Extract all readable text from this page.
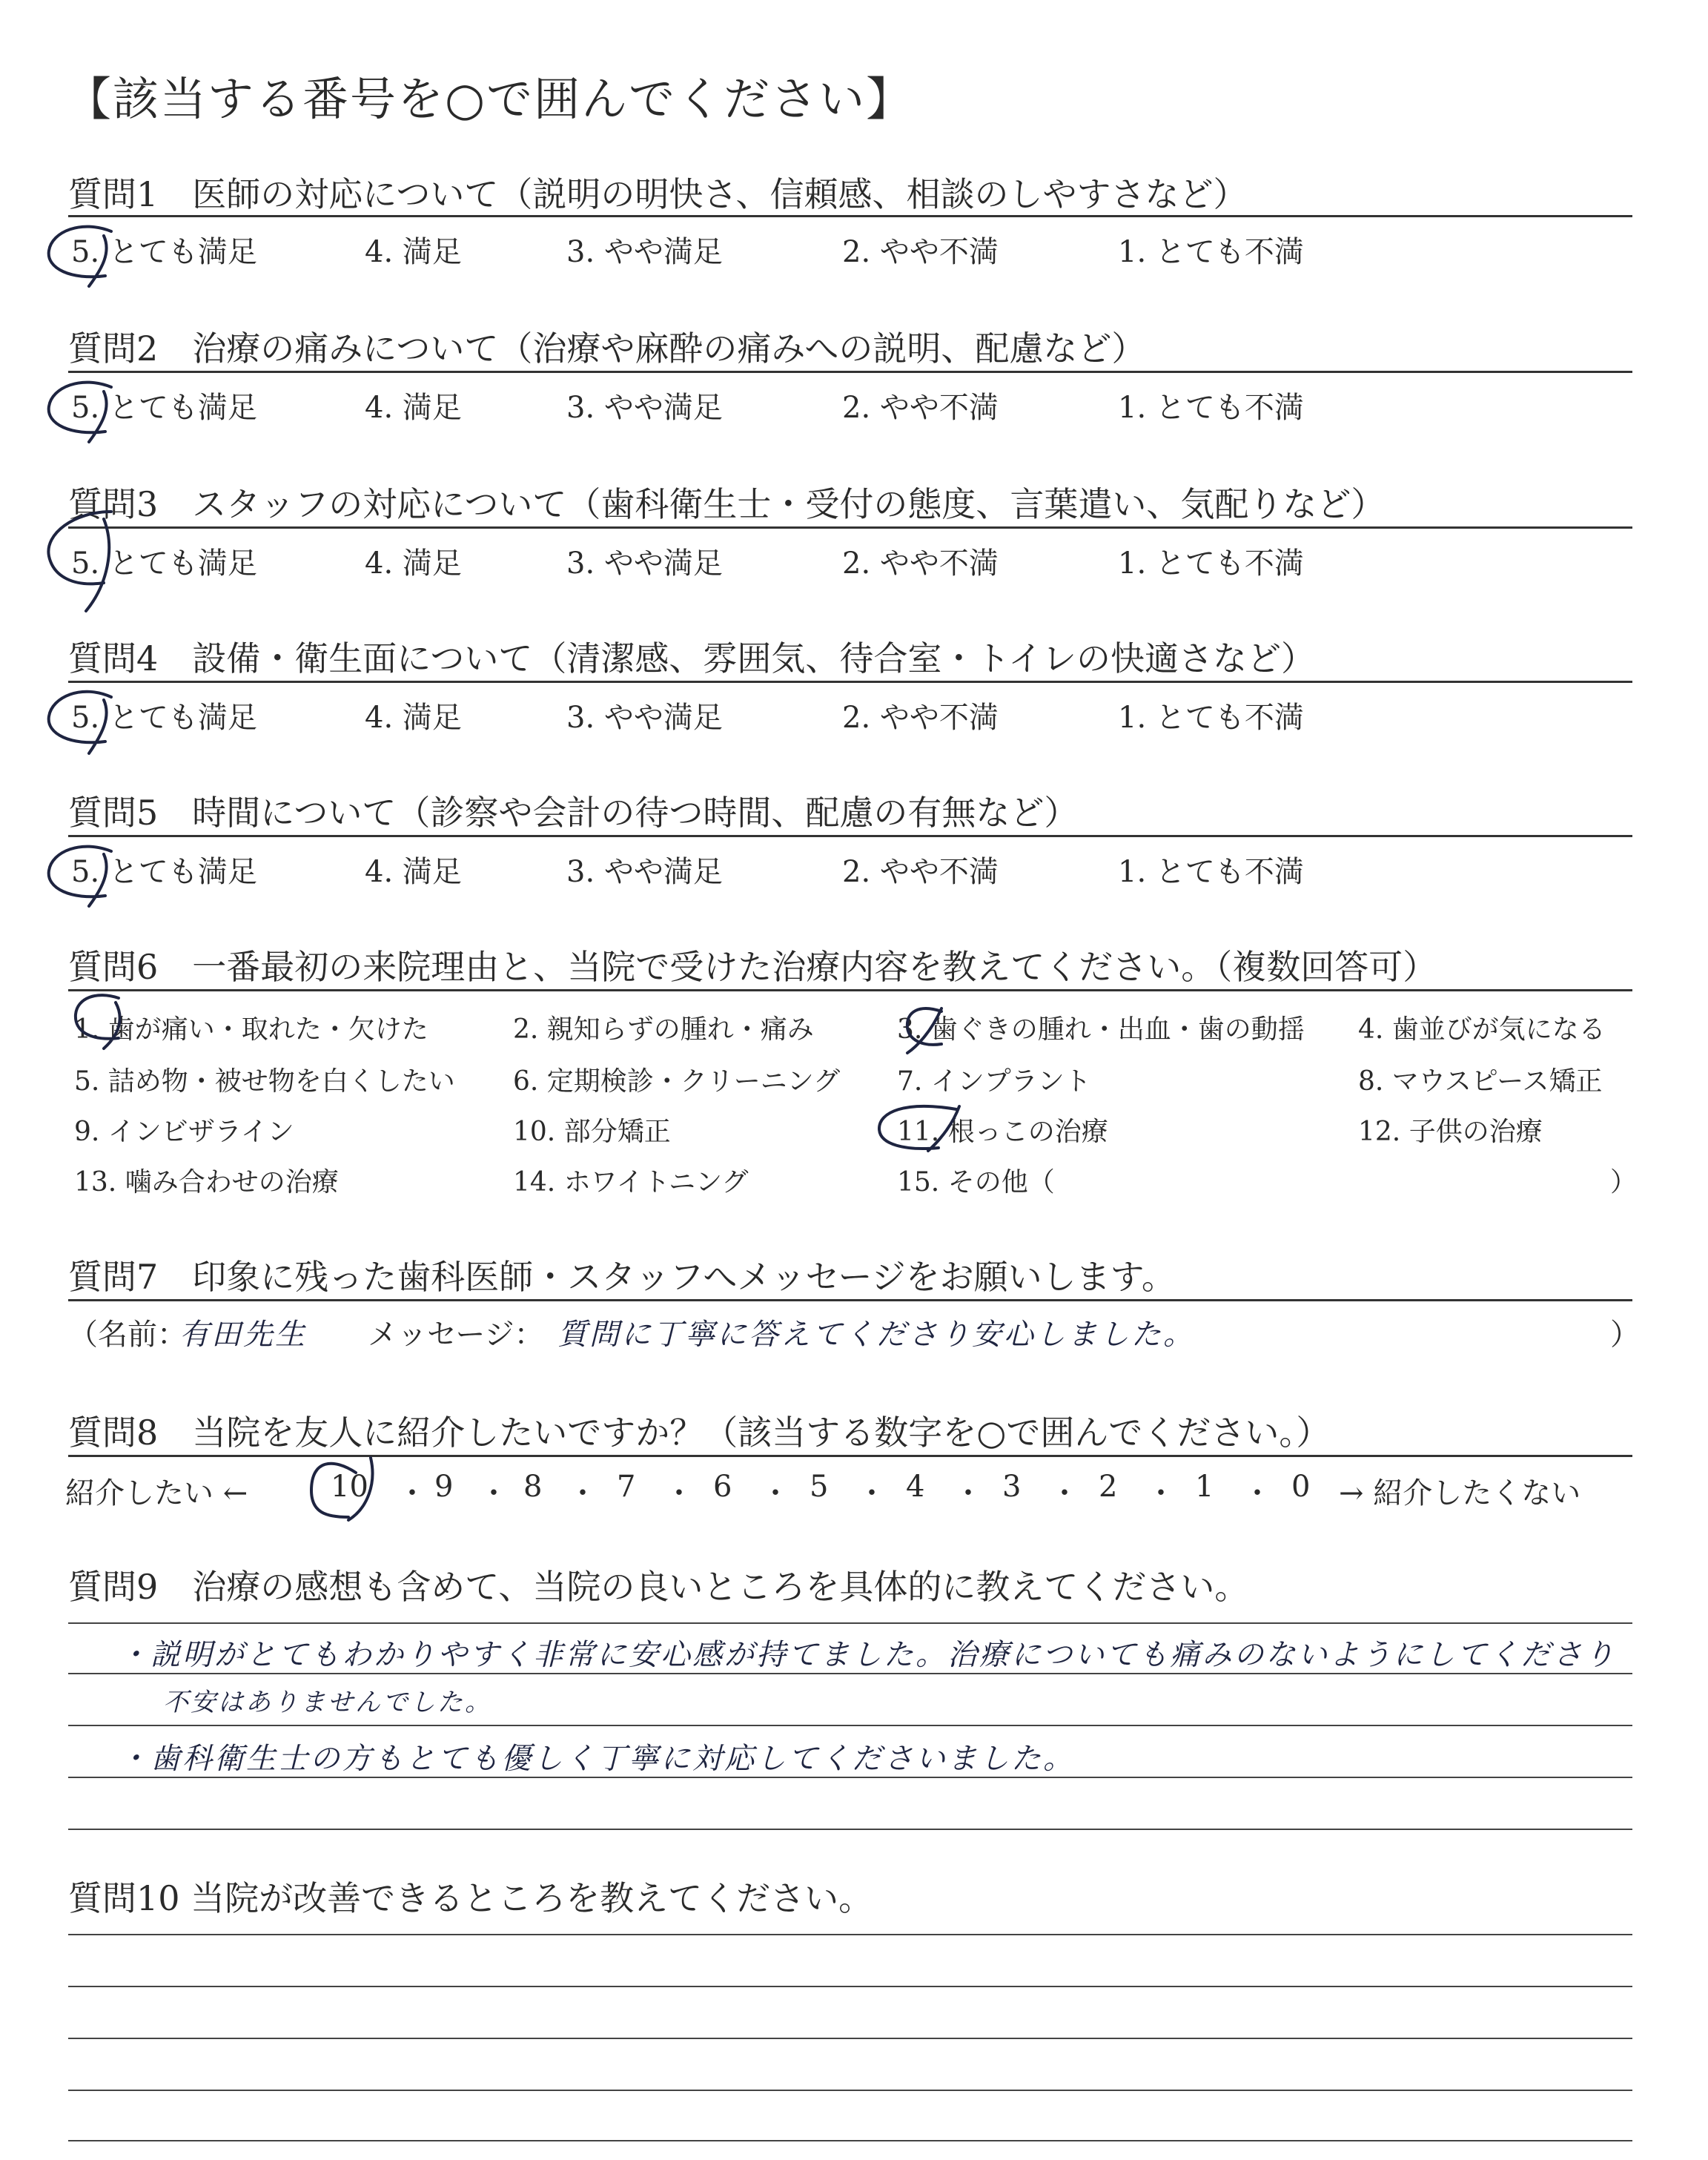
【該当する番号を○で囲んでください】
質問1　医師の対応について（説明の明快さ、信頼感、相談のしやすさなど）
5. とても満足	4. 満足	3. やや満足	2. やや不満	1. とても不満
質問2　治療の痛みについて（治療や麻酔の痛みへの説明、配慮など）
5. とても満足	4. 満足	3. やや満足	2. やや不満	1. とても不満
質問3　スタッフの対応について（歯科衛生士・受付の態度、言葉遣い、気配りなど）
5. とても満足	4. 満足	3. やや満足	2. やや不満	1. とても不満
質問4　設備・衛生面について（清潔感、雰囲気、待合室・トイレの快適さなど）
5. とても満足	4. 満足	3. やや満足	2. やや不満	1. とても不満
質問5　時間について（診察や会計の待つ時間、配慮の有無など）
5. とても満足	4. 満足	3. やや満足	2. やや不満	1. とても不満
質問6　一番最初の来院理由と、当院で受けた治療内容を教えてください。（複数回答可）
1. 歯が痛い・取れた・欠けた	2. 親知らずの腫れ・痛み	3. 歯ぐきの腫れ・出血・歯の動揺 4. 歯並びが気になる
5. 詰め物・被せ物を白くしたい 6. 定期検診・クリーニング 7. インプラント	8. マウスピース矯正
9. インビザライン	10. 部分矯正	11. 根っこの治療	12. 子供の治療
13. 噛み合わせの治療	14. ホワイトニング	15. その他（	）
質問7　印象に残った歯科医師・スタッフへメッセージをお願いします。
（名前：
有田先生 メッセージ： 質問に丁寧に答えてくださり安心しました。	）
質問8　当院を友人に紹介したいですか？（該当する数字を○で囲んでください。）
紹介したい ←	10 ・ 9 ・ 8 ・ 7 ・ 6 ・ 5 ・ 4 ・ 3 ・ 2 ・ 1 ・ 0 → 紹介したくない
質問9　治療の感想も含めて、当院の良いところを具体的に教えてください。
・説明がとてもわかりやすく非常に安心感が持てました。治療についても痛みのないようにしてくださり
不安はありませんでした。
・歯科衛生士の方もとても優しく丁寧に対応してくださいました。
質問10 当院が改善できるところを教えてください。
